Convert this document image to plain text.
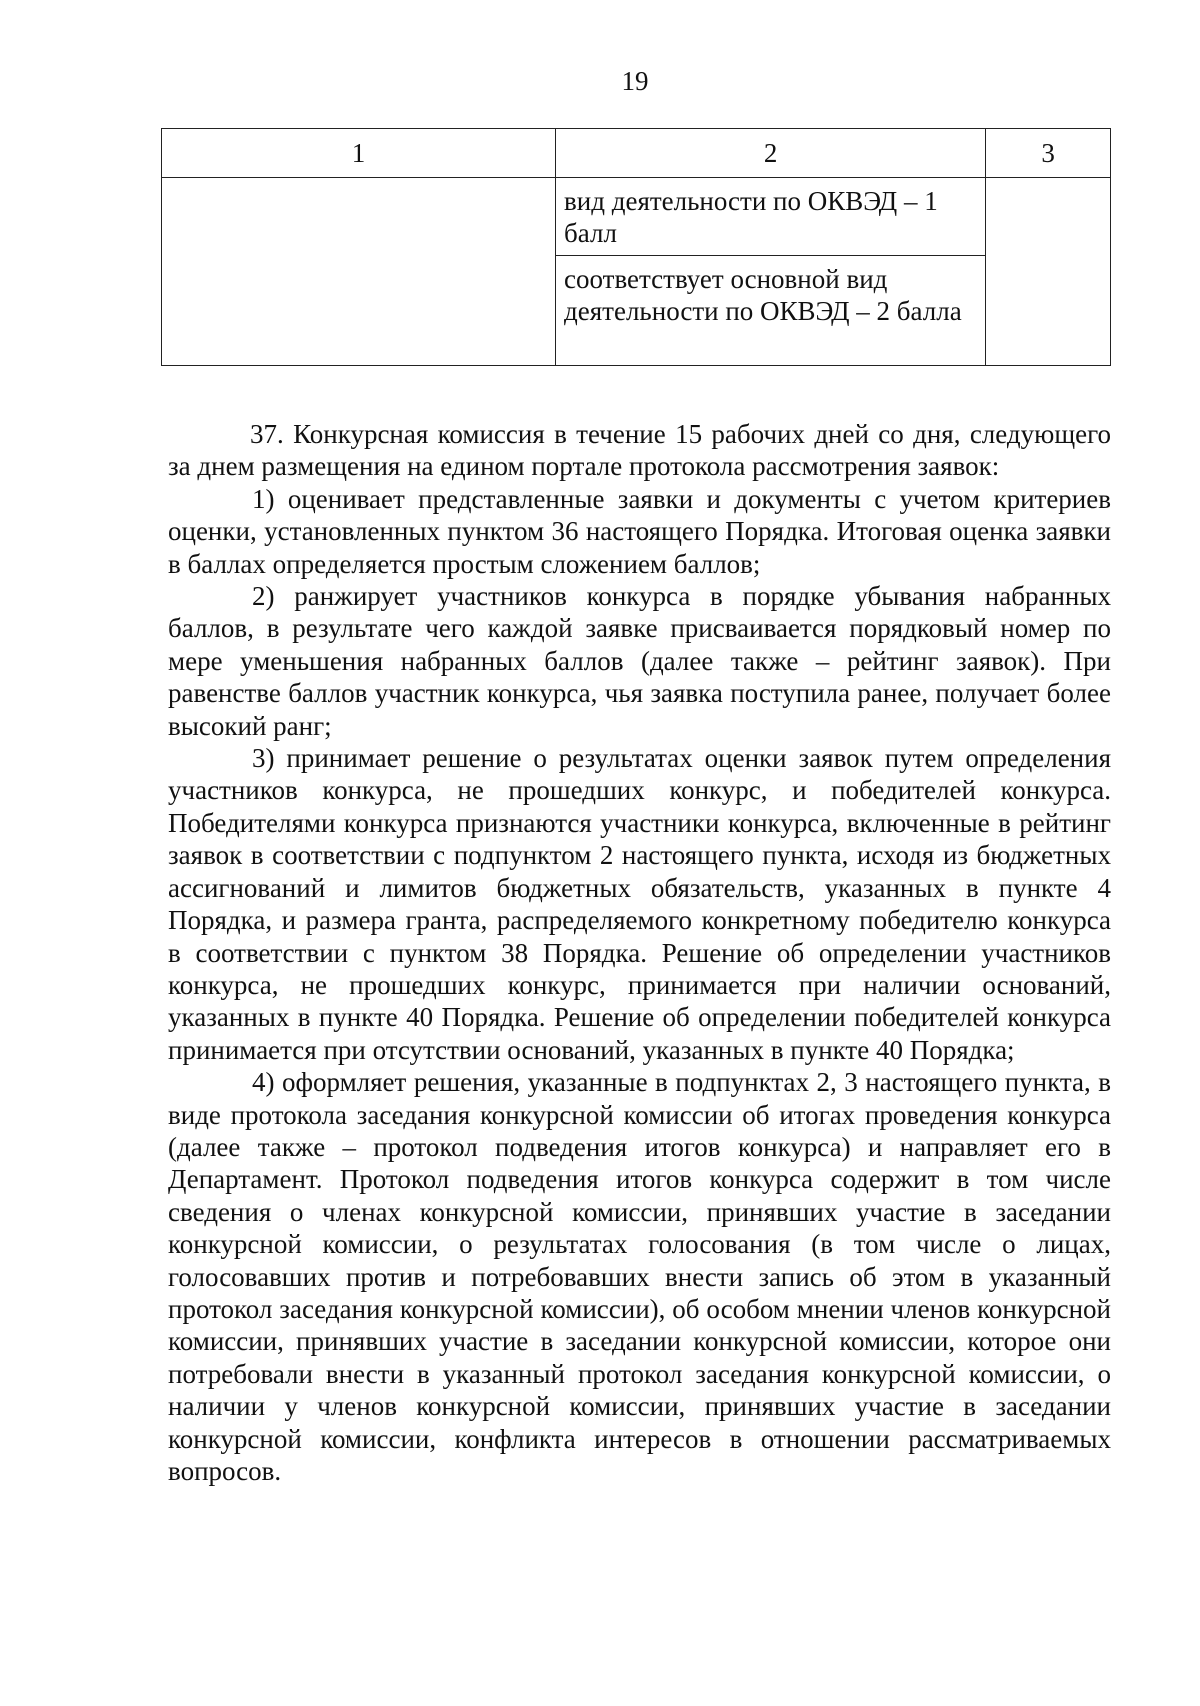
19
1	2	3

	вид деятельности по ОКВЭД – 1 балл	

	соответствует основной вид деятельности по ОКВЭД – 2 балла	

37. Конкурсная комиссия в течение 15 рабочих дней со дня, следующего за днем размещения на едином портале протокола рассмотрения заявок:

1) оценивает представленные заявки и документы с учетом критериев оценки, установленных пунктом 36 настоящего Порядка. Итоговая оценка заявки в баллах определяется простым сложением баллов;

2) ранжирует участников конкурса в порядке убывания набранных баллов, в результате чего каждой заявке присваивается порядковый номер по мере уменьшения набранных баллов (далее также – рейтинг заявок). При равенстве баллов участник конкурса, чья заявка поступила ранее, получает более высокий ранг;

3) принимает решение о результатах оценки заявок путем определения участников конкурса, не прошедших конкурс, и победителей конкурса. Победителями конкурса признаются участники конкурса, включенные в рейтинг заявок в соответствии с подпунктом 2 настоящего пункта, исходя из бюджетных ассигнований и лимитов бюджетных обязательств, указанных в пункте 4 Порядка, и размера гранта, распределяемого конкретному победителю конкурса в соответствии с пунктом 38 Порядка. Решение об определении участников конкурса, не прошедших конкурс, принимается при наличии оснований, указанных в пункте 40 Порядка. Решение об определении победителей конкурса принимается при отсутствии оснований, указанных в пункте 40 Порядка;

4) оформляет решения, указанные в подпунктах 2, 3 настоящего пункта, в виде протокола заседания конкурсной комиссии об итогах проведения конкурса (далее также – протокол подведения итогов конкурса) и направляет его в Департамент. Протокол подведения итогов конкурса содержит в том числе сведения о членах конкурсной комиссии, принявших участие в заседании конкурсной комиссии, о результатах голосования (в том числе о лицах, голосовавших против и потребовавших внести запись об этом в указанный протокол заседания конкурсной комиссии), об особом мнении членов конкурсной комиссии, принявших участие в заседании конкурсной комиссии, которое они потребовали внести в указанный протокол заседания конкурсной комиссии, о наличии у членов конкурсной комиссии, принявших участие в заседании конкурсной комиссии, конфликта интересов в отношении рассматриваемых вопросов.
